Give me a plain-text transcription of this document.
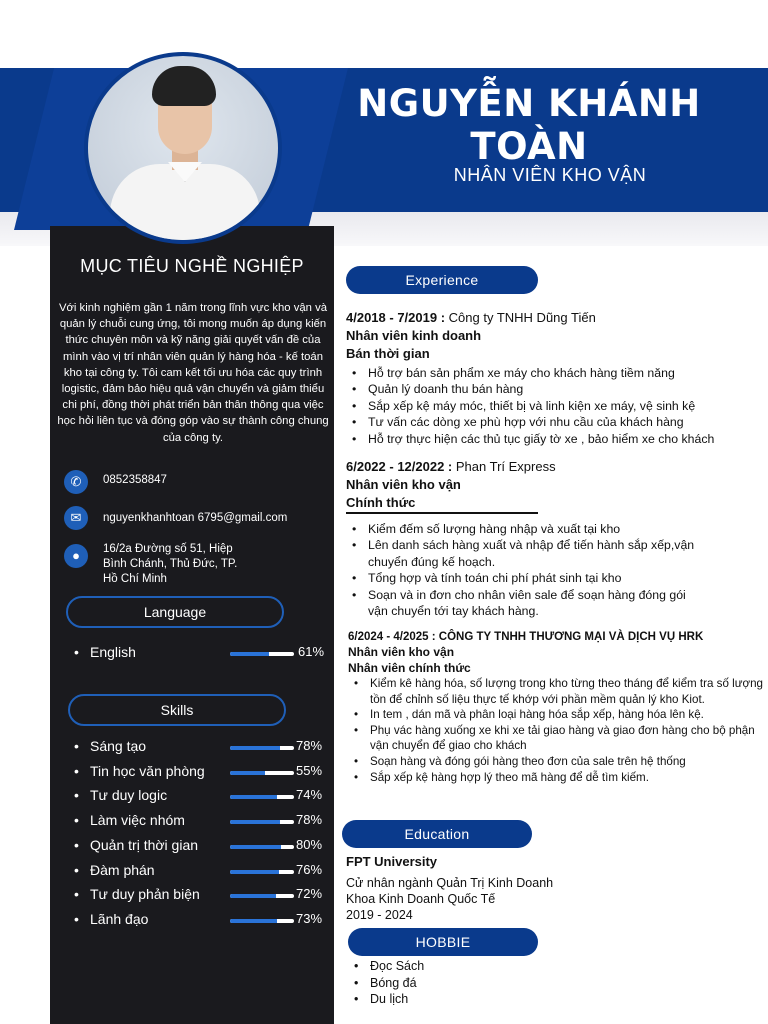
NGUYỄN KHÁNH TOÀN
NHÂN VIÊN KHO VẬN
MỤC TIÊU NGHỀ NGHIỆP
Với kinh nghiệm gần 1 năm trong lĩnh vực kho vận và quản lý chuỗi cung ứng, tôi mong muốn áp dụng kiến thức chuyên môn và kỹ năng giải quyết vấn đề của mình vào vị trí nhân viên quản lý hàng hóa - kế toán kho tại công ty. Tôi cam kết tối ưu hóa các quy trình logistic, đảm bảo hiệu quả vận chuyển và giảm thiểu chi phí, đồng thời phát triển bản thân thông qua việc học hỏi liên tục và đóng góp vào sự thành công chung của công ty.
✆	0852358847
✉	nguyenkhanhtoan 6795@gmail.com
●	16/2a Đường số 51, Hiệp
Bình Chánh, Thủ Đức, TP.
Hồ Chí Minh
Language
Skills
• English	61%
• Sáng tạo	78%
• Tin học văn phòng	55%
• Tư duy logic	74%
• Làm việc nhóm	78%
• Quản trị thời gian	80%
• Đàm phán	76%
• Tư duy phản biện	72%
• Lãnh đạo	73%
Experience
4/2018 - 7/2019 : Công ty TNHH Dũng Tiến
Nhân viên kinh doanh
Bán thời gian
• Hỗ trợ bán sản phẩm xe máy cho khách hàng tiềm năng
• Quản lý doanh thu bán hàng
• Sắp xếp kệ máy móc, thiết bị và linh kiện xe máy, vệ sinh kệ
• Tư vấn các dòng xe phù hợp với nhu cầu của khách hàng
• Hỗ trợ thực hiện các thủ tục giấy tờ xe , bảo hiểm xe cho khách
6/2022 - 12/2022 : Phan Trí Express
Nhân viên kho vận
Chính thức
• Kiểm đếm số lượng hàng nhập và xuất tại kho
• Lên danh sách hàng xuất và nhập để tiến hành sắp xếp,vận chuyển đúng kế hoạch.
• Tổng hợp và tính toán chi phí phát sinh tại kho
• Soạn và in đơn cho nhân viên sale để soạn hàng đóng gói vận chuyển tới tay khách hàng.
6/2024 - 4/2025 : CÔNG TY TNHH THƯƠNG MẠI VÀ DỊCH VỤ HRK
Nhân viên kho vận
Nhân viên chính thức
• Kiểm kê hàng hóa, số lượng trong kho từng theo tháng để kiểm tra số lượng tồn để chỉnh số liệu thực tế khớp với phần mềm quản lý kho Kiot.
• In tem , dán mã và phân loại hàng hóa sắp xếp, hàng hóa lên kệ.
• Phụ vác hàng xuống xe khi xe tải giao hàng và giao đơn hàng cho bộ phận vận chuyển để giao cho khách
• Soạn hàng và đóng gói hàng theo đơn của sale trên hệ thống
• Sắp xếp kệ hàng hợp lý theo mã hàng để dễ tìm kiếm.
Education
FPT University
Cử nhân ngành Quản Trị Kinh Doanh
Khoa Kinh Doanh Quốc Tế
2019 - 2024
HOBBIE
• Đọc Sách
• Bóng đá
• Du lịch
